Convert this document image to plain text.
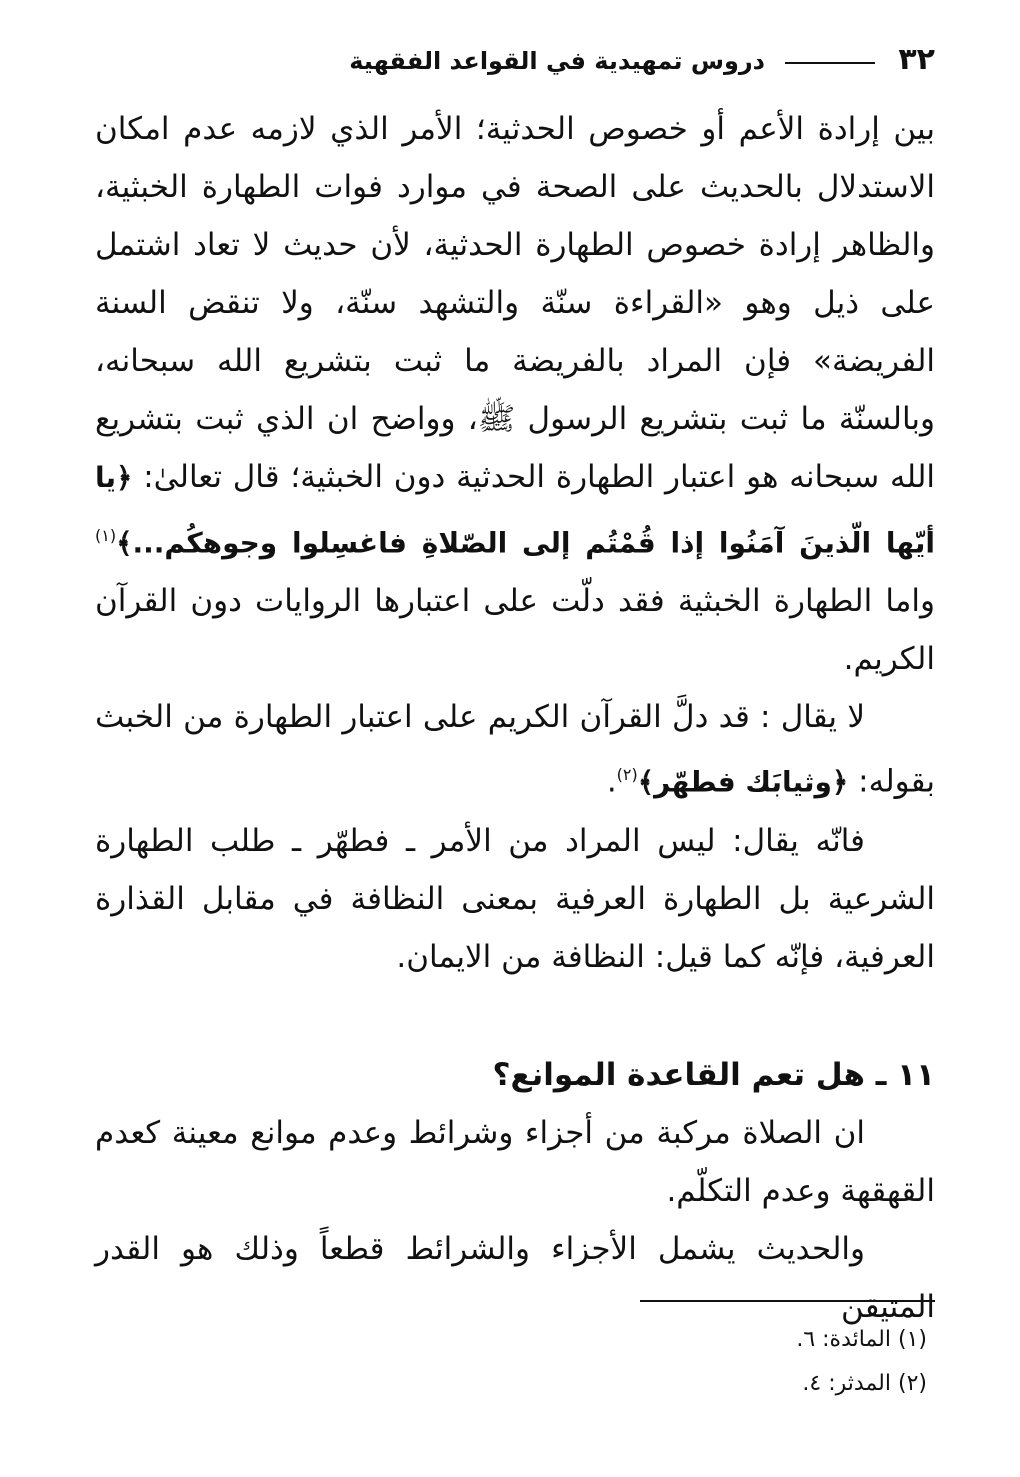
٣٢
دروس تمهيدية في القواعد الفقهية

بين إرادة الأعم أو خصوص الحدثية؛ الأمر الذي لازمه عدم امكان الاستدلال بالحديث على الصحة في موارد فوات الطهارة الخبثية، والظاهر إرادة خصوص الطهارة الحدثية، لأن حديث لا تعاد اشتمل على ذيل وهو «القراءة سنّة والتشهد سنّة، ولا تنقض السنة الفريضة» فإن المراد بالفريضة ما ثبت بتشريع الله سبحانه، وبالسنّة ما ثبت بتشريع الرسول ﷺ، وواضح ان الذي ثبت بتشريع الله سبحانه هو اعتبار الطهارة الحدثية دون الخبثية؛ قال تعالىٰ: ﴿يا أيّها الّذينَ آمَنُوا إذا قُمْتُم إلى الصّلاةِ فاغسِلوا وجوهكُم...﴾$^{(١)}$ واما الطهارة الخبثية فقد دلّت على اعتبارها الروايات دون القرآن الكريم.

لا يقال : قد دلَّ القرآن الكريم على اعتبار الطهارة من الخبث بقوله: ﴿وثيابَك فطهّر﴾$^{(٢)}$.

فانّه يقال: ليس المراد من الأمر ـ فطهّر ـ طلب الطهارة الشرعية بل الطهارة العرفية بمعنى النظافة في مقابل القذارة العرفية، فإنّه كما قيل: النظافة من الايمان.

١١ ـ هل تعم القاعدة الموانع؟

ان الصلاة مركبة من أجزاء وشرائط وعدم موانع معينة كعدم القهقهة وعدم التكلّم.

والحديث يشمل الأجزاء والشرائط قطعاً وذلك هو القدر المتيقن

(١) المائدة: ٦.
(٢) المدثر: ٤.
